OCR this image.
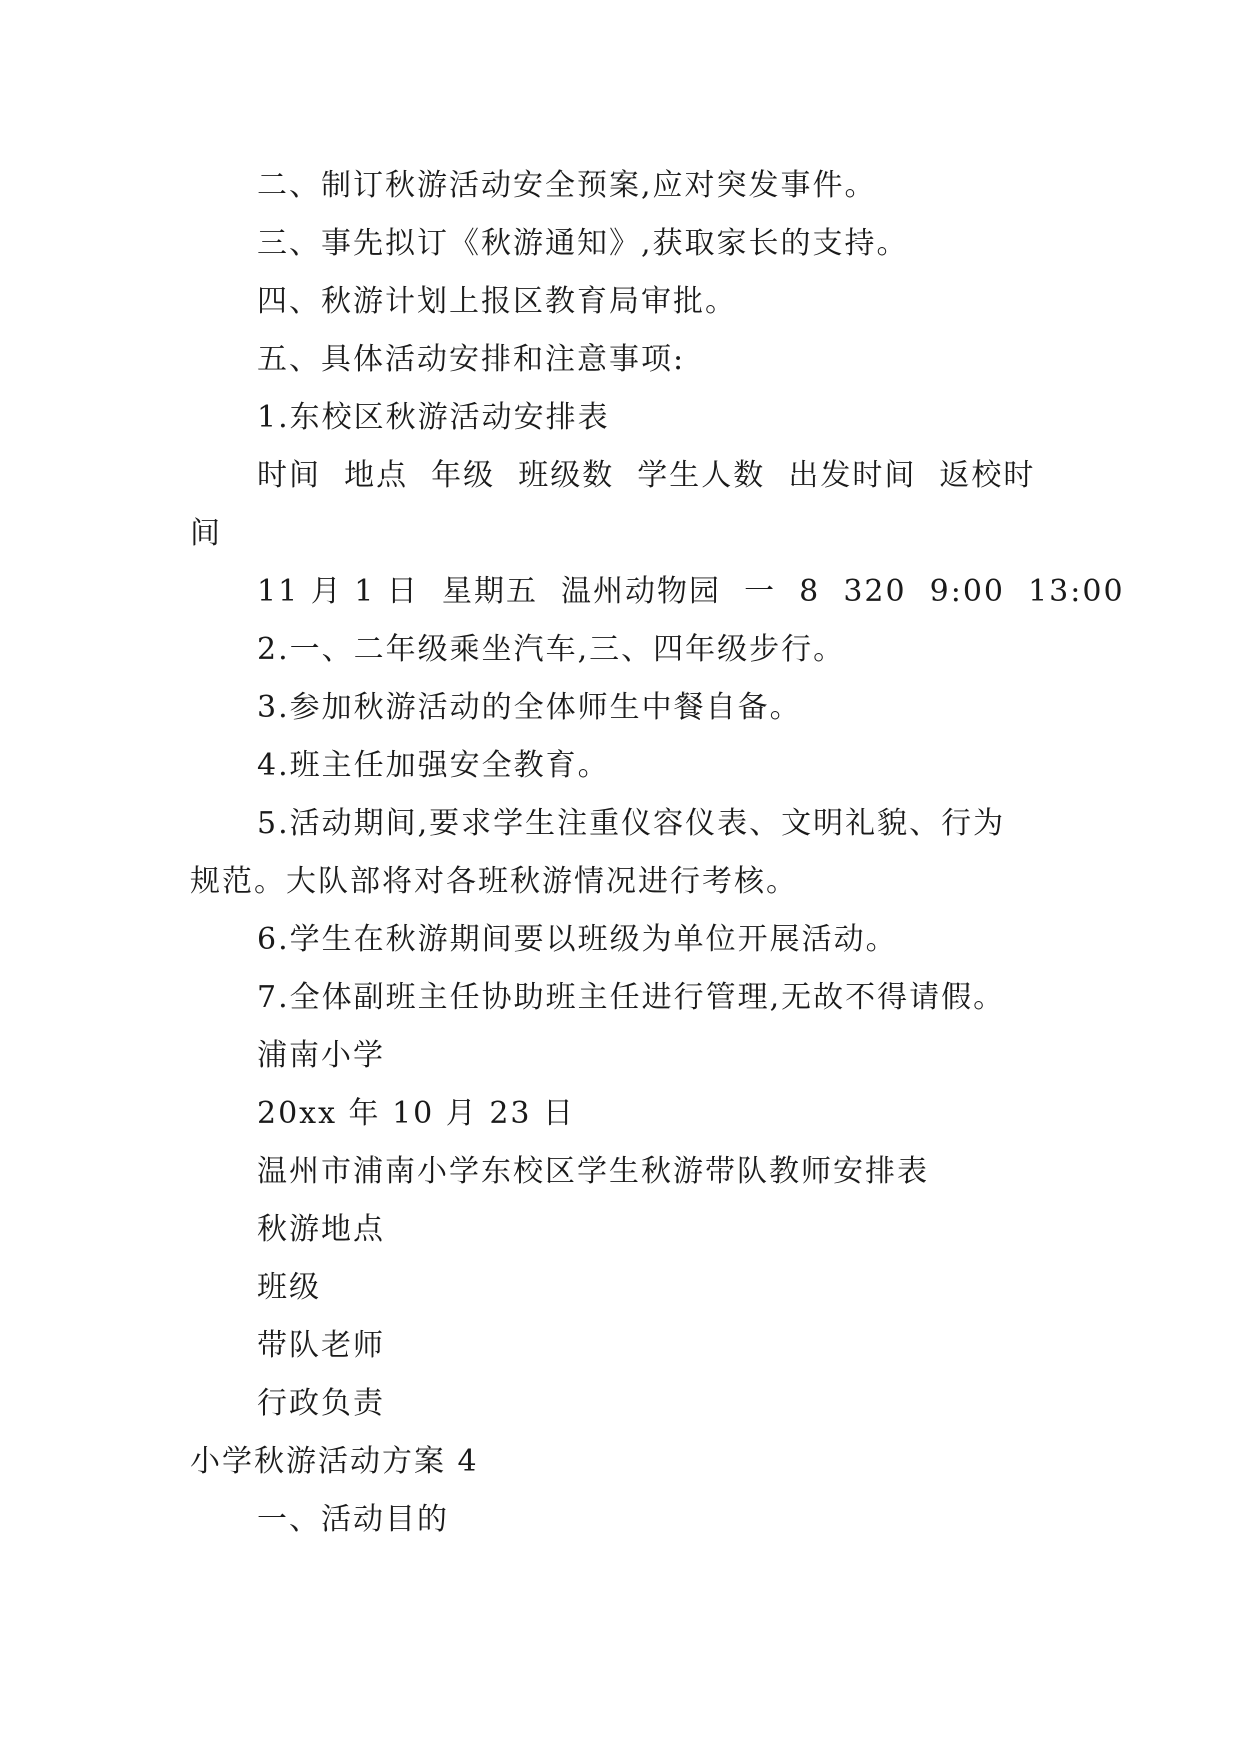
二、制订秋游活动安全预案,应对突发事件。
三、事先拟订《秋游通知》,获取家长的支持。
四、秋游计划上报区教育局审批。
五、具体活动安排和注意事项:
1.东校区秋游活动安排表
时间  地点  年级  班级数  学生人数  出发时间  返校时
间
11 月 1 日  星期五  温州动物园  一  8  320  9:00  13:00
2.一、二年级乘坐汽车,三、四年级步行。
3.参加秋游活动的全体师生中餐自备。
4.班主任加强安全教育。
5.活动期间,要求学生注重仪容仪表、文明礼貌、行为
规范。大队部将对各班秋游情况进行考核。
6.学生在秋游期间要以班级为单位开展活动。
7.全体副班主任协助班主任进行管理,无故不得请假。
浦南小学
20xx 年 10 月 23 日
温州市浦南小学东校区学生秋游带队教师安排表
秋游地点
班级
带队老师
行政负责
小学秋游活动方案 4
一、活动目的
